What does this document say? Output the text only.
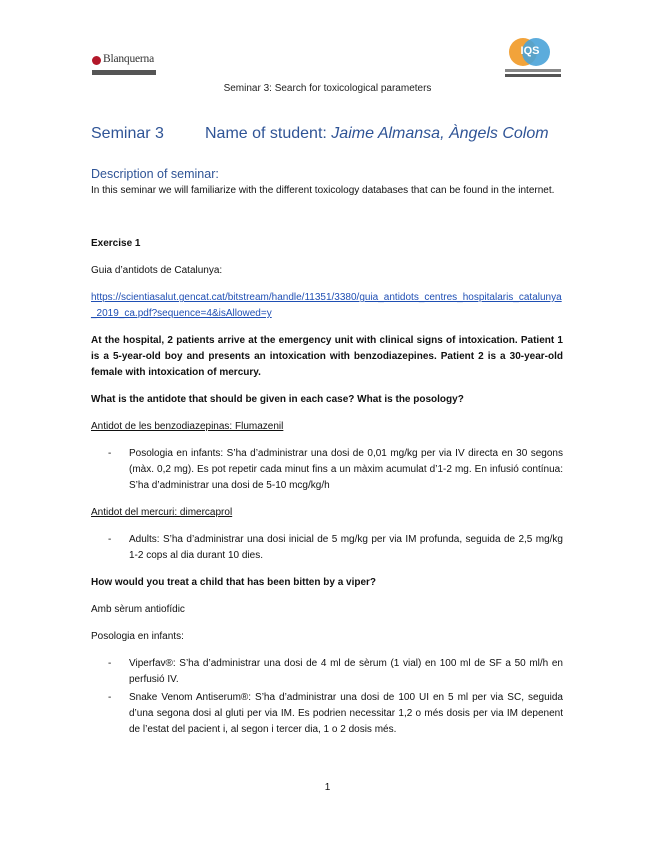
Blanquerna
IQS
Seminar 3: Search for toxicological parameters
Seminar 3	Name of student: Jaime Almansa, Àngels Colom

Description of seminar:

In this seminar we will familiarize with the different toxicology databases that can be found in the internet.

Exercise 1

Guia d’antidots de Catalunya:

https://scientiasalut.gencat.cat/bitstream/handle/11351/3380/guia_antidots_centres_hospitalaris_catalunya_2019_ca.pdf?sequence=4&isAllowed=y

At the hospital, 2 patients arrive at the emergency unit with clinical signs of intoxication. Patient 1 is a 5-year-old boy and presents an intoxication with benzodiazepines. Patient 2 is a 30-year-old female with intoxication of mercury.

What is the antidote that should be given in each case? What is the posology?

Antidot de les benzodiazepinas: Flumazenil

- Posologia en infants: S’ha d’administrar una dosi de 0,01 mg/kg per via IV directa en 30 segons (màx. 0,2 mg). Es pot repetir cada minut fins a un màxim acumulat d’1-2 mg. En infusió contínua: S’ha d’administrar una dosi de 5-10 mcg/kg/h

Antidot del mercuri: dimercaprol

- Adults: S’ha d’administrar una dosi inicial de 5 mg/kg per via IM profunda, seguida de 2,5 mg/kg 1-2 cops al dia durant 10 dies.

How would you treat a child that has been bitten by a viper?

Amb sèrum antiofídic

Posologia en infants:

- Viperfav®: S’ha d’administrar una dosi de 4 ml de sèrum (1 vial) en 100 ml de SF a 50 ml/h en perfusió IV.
- Snake Venom Antiserum®: S’ha d’administrar una dosi de 100 UI en 5 ml per via SC, seguida d’una segona dosi al gluti per via IM. Es podrien necessitar 1,2 o més dosis per via IM depenent de l’estat del pacient i, al segon i tercer dia, 1 o 2 dosis més.
1
